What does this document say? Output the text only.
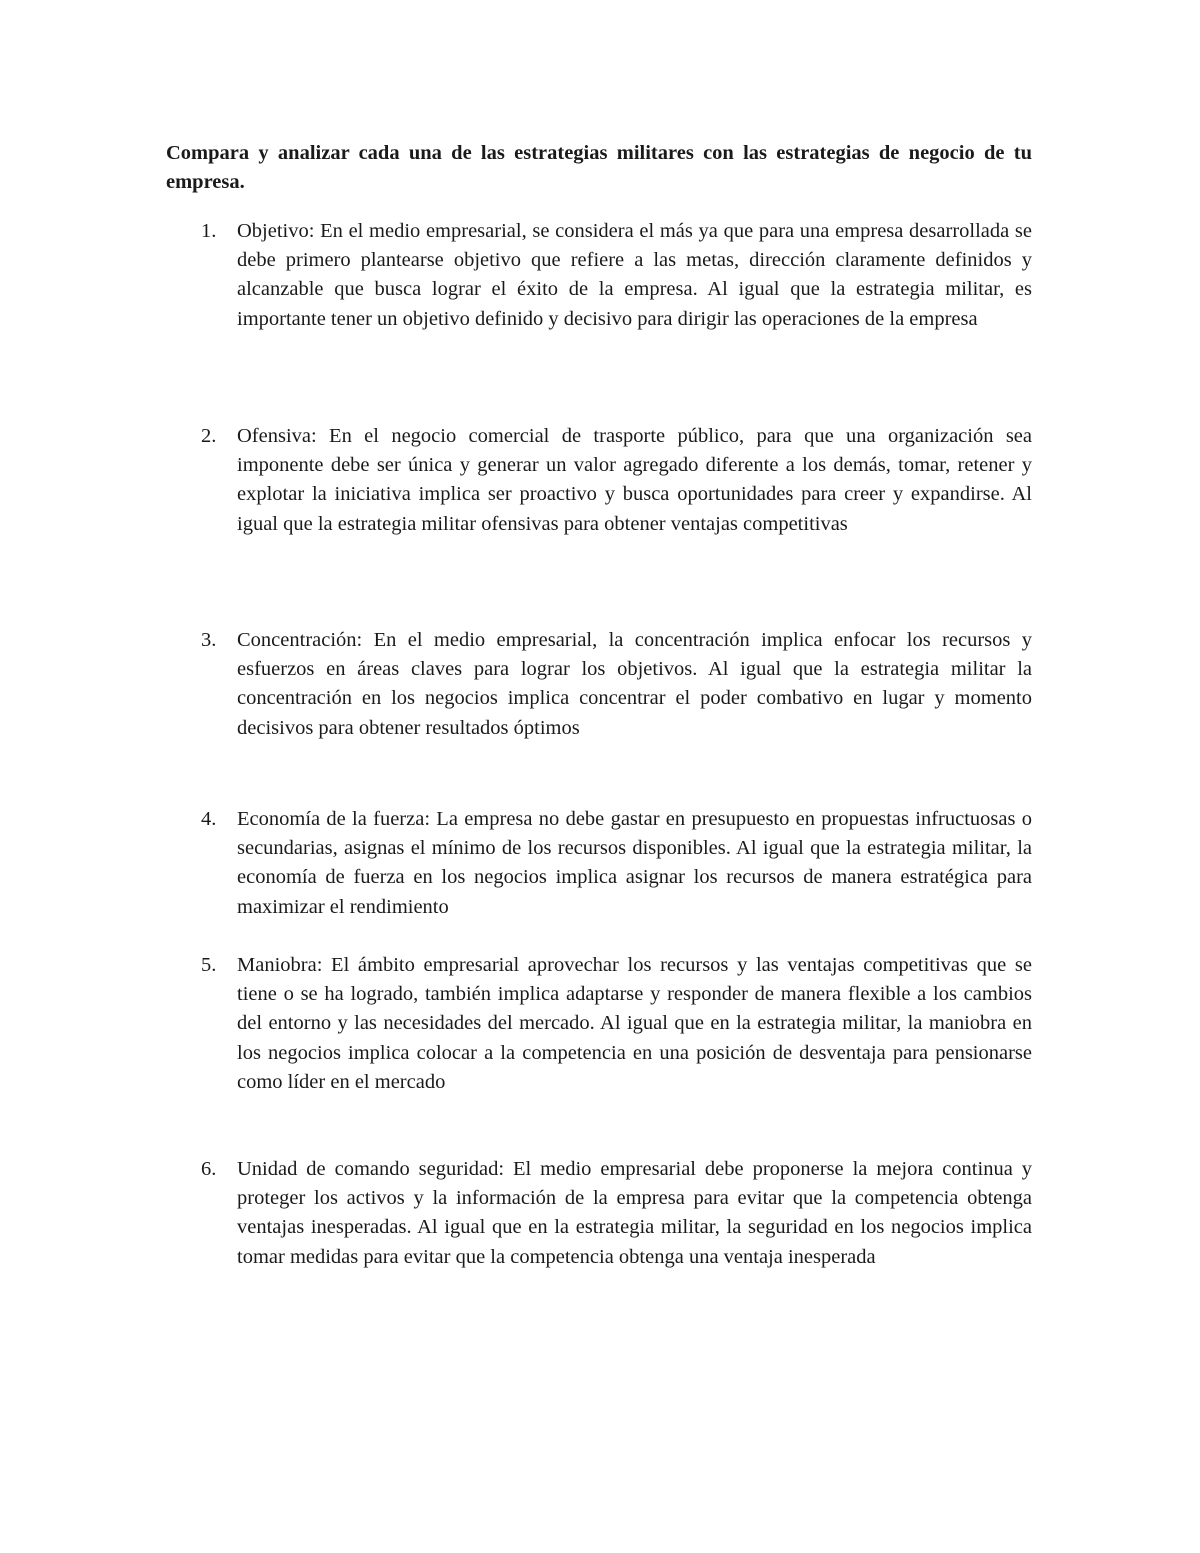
Compara y analizar cada una de las estrategias militares con las estrategias de negocio de tu empresa.

1.	Objetivo: En el medio empresarial, se considera el más ya que para una empresa desarrollada se debe primero plantearse objetivo que refiere a las metas, dirección claramente definidos y alcanzable que busca lograr el éxito de la empresa. Al igual que la estrategia militar, es importante tener un objetivo definido y decisivo para dirigir las operaciones de la empresa
2.	Ofensiva: En el negocio comercial de trasporte público, para que una organización sea imponente debe ser única y generar un valor agregado diferente a los demás, tomar, retener y explotar la iniciativa implica ser proactivo y busca oportunidades para creer y expandirse. Al igual que la estrategia militar ofensivas para obtener ventajas competitivas
3.	Concentración: En el medio empresarial, la concentración implica enfocar los recursos y esfuerzos en áreas claves para lograr los objetivos. Al igual que la estrategia militar la concentración en los negocios implica concentrar el poder combativo en lugar y momento decisivos para obtener resultados óptimos
4.	Economía de la fuerza: La empresa no debe gastar en presupuesto en propuestas infructuosas o secundarias, asignas el mínimo de los recursos disponibles. Al igual que la estrategia militar, la economía de fuerza en los negocios implica asignar los recursos de manera estratégica para maximizar el rendimiento
5.	Maniobra: El ámbito empresarial aprovechar los recursos y las ventajas competitivas que se tiene o se ha logrado, también implica adaptarse y responder de manera flexible a los cambios del entorno y las necesidades del mercado. Al igual que en la estrategia militar, la maniobra en los negocios implica colocar a la competencia en una posición de desventaja para pensionarse como líder en el mercado
6.	Unidad de comando seguridad: El medio empresarial debe proponerse la mejora continua y proteger los activos y la información de la empresa para evitar que la competencia obtenga ventajas inesperadas. Al igual que en la estrategia militar, la seguridad en los negocios implica tomar medidas para evitar que la competencia obtenga una ventaja inesperada
